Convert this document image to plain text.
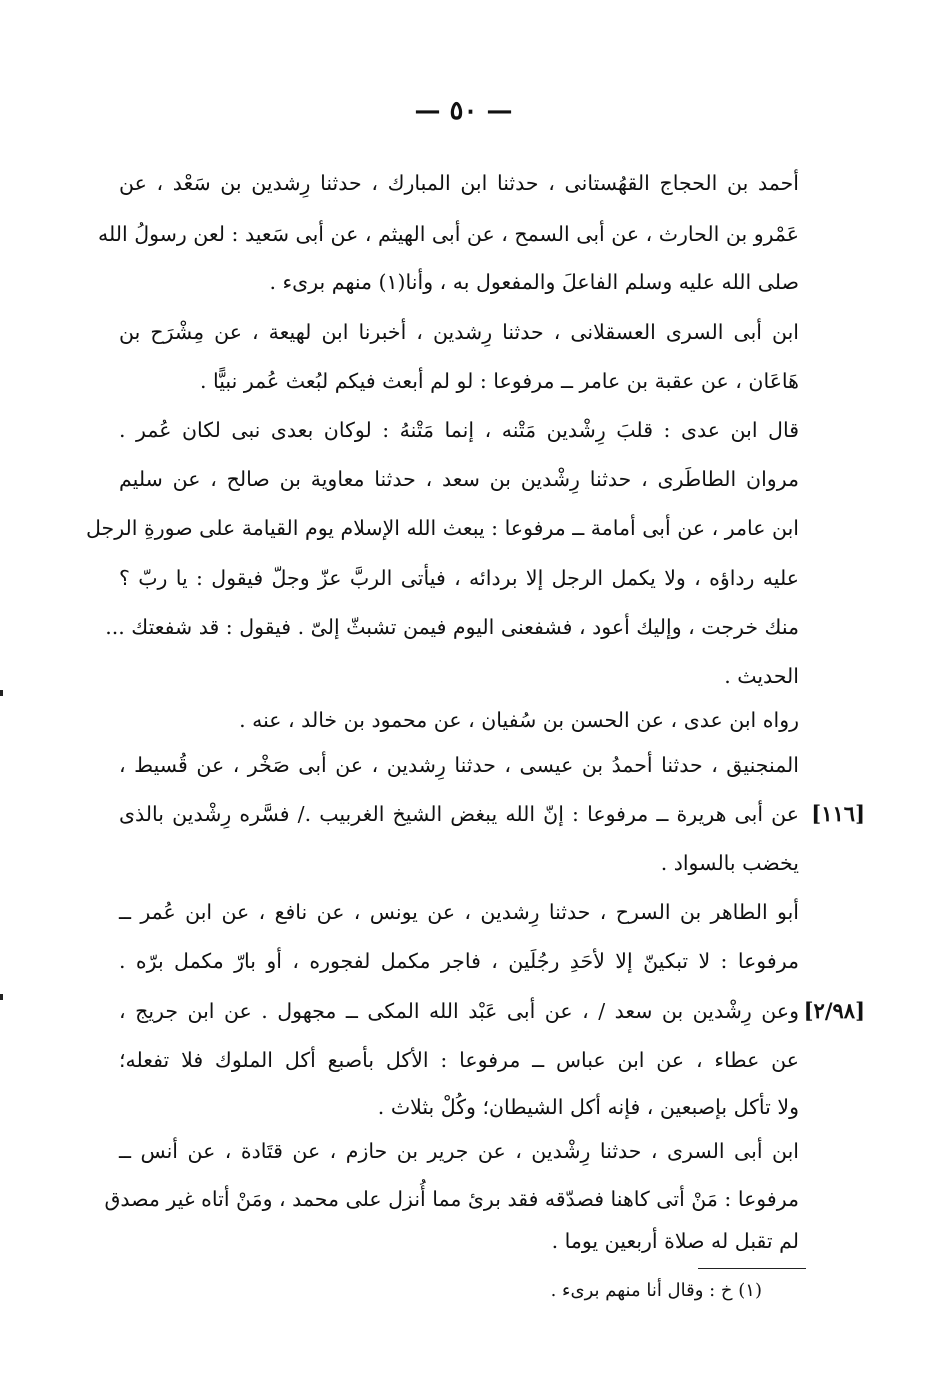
— ٥٠ —
أحمد بن الحجاج القهُستانى ، حدثنا ابن المبارك ، حدثنا رِشدين بن سَعْد ، عن
عَمْرو بن الحارث ، عن أبى السمح ، عن أبى الهيثم ، عن أبى سَعيد : لعن رسولُ الله
صلى الله عليه وسلم الفاعلَ والمفعول به ، وأنا(١) منهم برىء .
ابن أبى السرى العسقلانى ، حدثنا رِشدين ، أخبرنا ابن لهيعة ، عن مِشْرَح بن
هَاعَان ، عن عقبة بن عامر ــ مرفوعا : لو لم أبعث فيكم لبُعث عُمر نبيًّا .
قال ابن عدى : قلبَ رِشْدين مَتْنه ، إنما مَتْنهُ : لوكان بعدى نبى لكان عُمر .
مروان الطاطَرى ، حدثنا رِشْدين بن سعد ، حدثنا معاوية بن صالح ، عن سليم
ابن عامر ، عن أبى أمامة ــ مرفوعا : يبعث الله الإسلام يوم القيامة على صورةِ الرجل
عليه رداؤه ، ولا يكمل الرجل إلا بردائه ، فيأتى الربَّ عزّ وجلّ فيقول : يا ربّ ؟
منك خرجت ، وإليك أعود ، فشفعنى اليوم فيمن تشبثّ إلىّ . فيقول : قد شفعتك ...
الحديث .
رواه ابن عدى ، عن الحسن بن سُفيان ، عن محمود بن خالد ، عنه .
المنجنيق ، حدثنا أحمدُ بن عيسى ، حدثنا رِشدين ، عن أبى صَخْر ، عن قُسيط ،
[١١٦]
عن أبى هريرة ــ مرفوعا : إنّ الله يبغض الشيخ الغربيب ./ فسَّره رِشْدين بالذى
يخضب بالسواد .
أبو الطاهر بن السرح ، حدثنا رِشدين ، عن يونس ، عن نافع ، عن ابن عُمر ــ
مرفوعا : لا تبكينّ إلا لأحَدِ رجُلَين ، فاجر مكمل لفجوره ، أو بارّ مكمل برّه .
[٢/٩٨]
وعن رِشْدين بن سعد / ، عن أبى عَبْد الله المكى ــ مجهول . عن ابن جريج ،
عن عطاء ، عن ابن عباس ــ مرفوعا : الأكل بأصبع أكل الملوك فلا تفعله؛
ولا تأكل بإصبعين ، فإنه أكل الشيطان؛ وكُلْ بثلاث .
ابن أبى السرى ، حدثنا رِشْدين ، عن جرير بن حازم ، عن قتَادة ، عن أنس ــ
مرفوعا : مَنْ أتى كاهنا فصدّقه فقد برئ مما أُنزل على محمد ، ومَنْ أتاه غير مصدق
لم تقبل له صلاة أربعين يوما .
(١) خ : وقال أنا منهم برىء .
